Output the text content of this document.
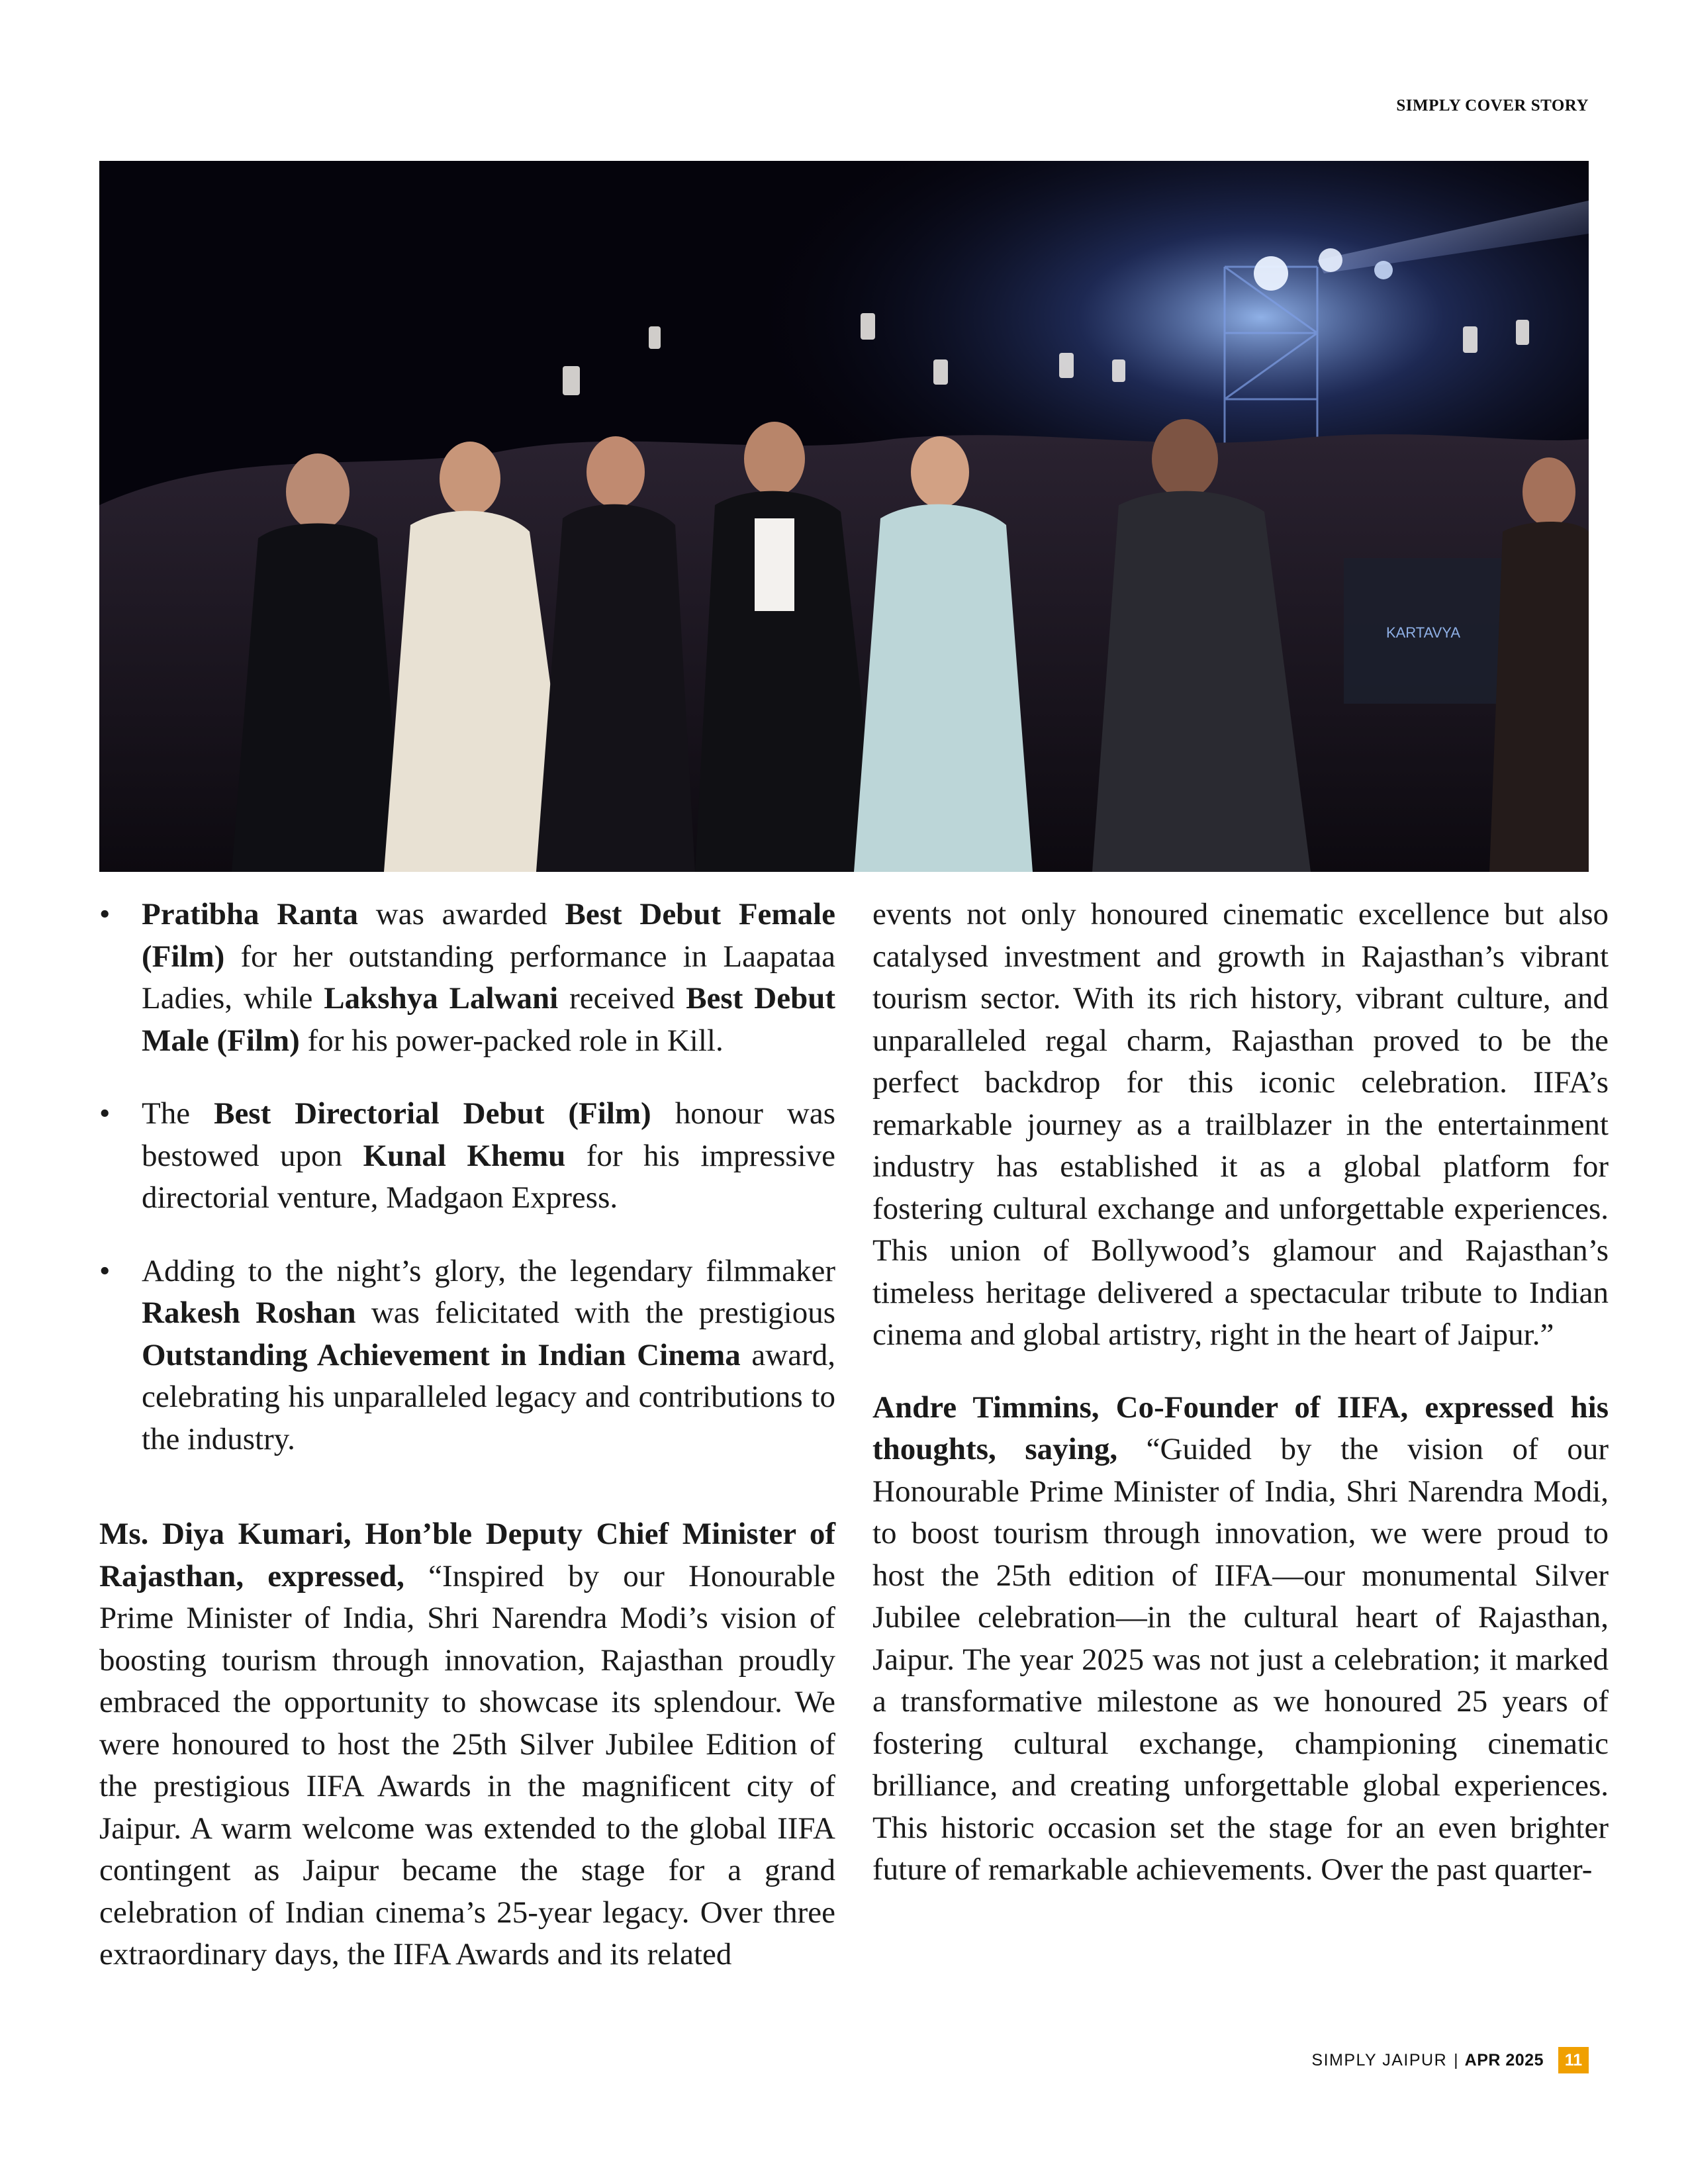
SIMPLY COVER STORY
KARTAVYA
• Pratibha Ranta was awarded Best Debut Female (Film) for her outstanding performance in Laapataa Ladies, while Lakshya Lalwani received Best Debut Male (Film) for his power-packed role in Kill.
• The Best Directorial Debut (Film) honour was bestowed upon Kunal Khemu for his impressive directorial venture, Madgaon Express.
• Adding to the night’s glory, the legendary filmmaker Rakesh Roshan was felicitated with the prestigious Outstanding Achievement in Indian Cinema award, celebrating his unparalleled legacy and contributions to the industry.

Ms. Diya Kumari, Hon’ble Deputy Chief Minister of Rajasthan, expressed, “Inspired by our Honourable Prime Minister of India, Shri Narendra Modi’s vision of boosting tourism through innovation, Rajasthan proudly embraced the opportunity to showcase its splendour. We were honoured to host the 25th Silver Jubilee Edition of the prestigious IIFA Awards in the magnificent city of Jaipur. A warm welcome was extended to the global IIFA contingent as Jaipur became the stage for a grand celebration of Indian cinema’s 25-year legacy. Over three extraordinary days, the IIFA Awards and its related

events not only honoured cinematic excellence but also catalysed investment and growth in Rajasthan’s vibrant tourism sector. With its rich history, vibrant culture, and unparalleled regal charm, Rajasthan proved to be the perfect backdrop for this iconic celebration. IIFA’s remarkable journey as a trailblazer in the entertainment industry has established it as a global platform for fostering cultural exchange and unforgettable experiences. This union of Bollywood’s glamour and Rajasthan’s timeless heritage delivered a spectacular tribute to Indian cinema and global artistry, right in the heart of Jaipur.”

Andre Timmins, Co-Founder of IIFA, expressed his thoughts, saying, “Guided by the vision of our Honourable Prime Minister of India, Shri Narendra Modi, to boost tourism through innovation, we were proud to host the 25th edition of IIFA—our monumental Silver Jubilee celebration—in the cultural heart of Rajasthan, Jaipur. The year 2025 was not just a celebration; it marked a transformative milestone as we honoured 25 years of fostering cultural exchange, championing cinematic brilliance, and creating unforgettable global experiences. This historic occasion set the stage for an even brighter future of remarkable achievements. Over the past quarter-

SIMPLY JAIPUR | APR 2025	11
